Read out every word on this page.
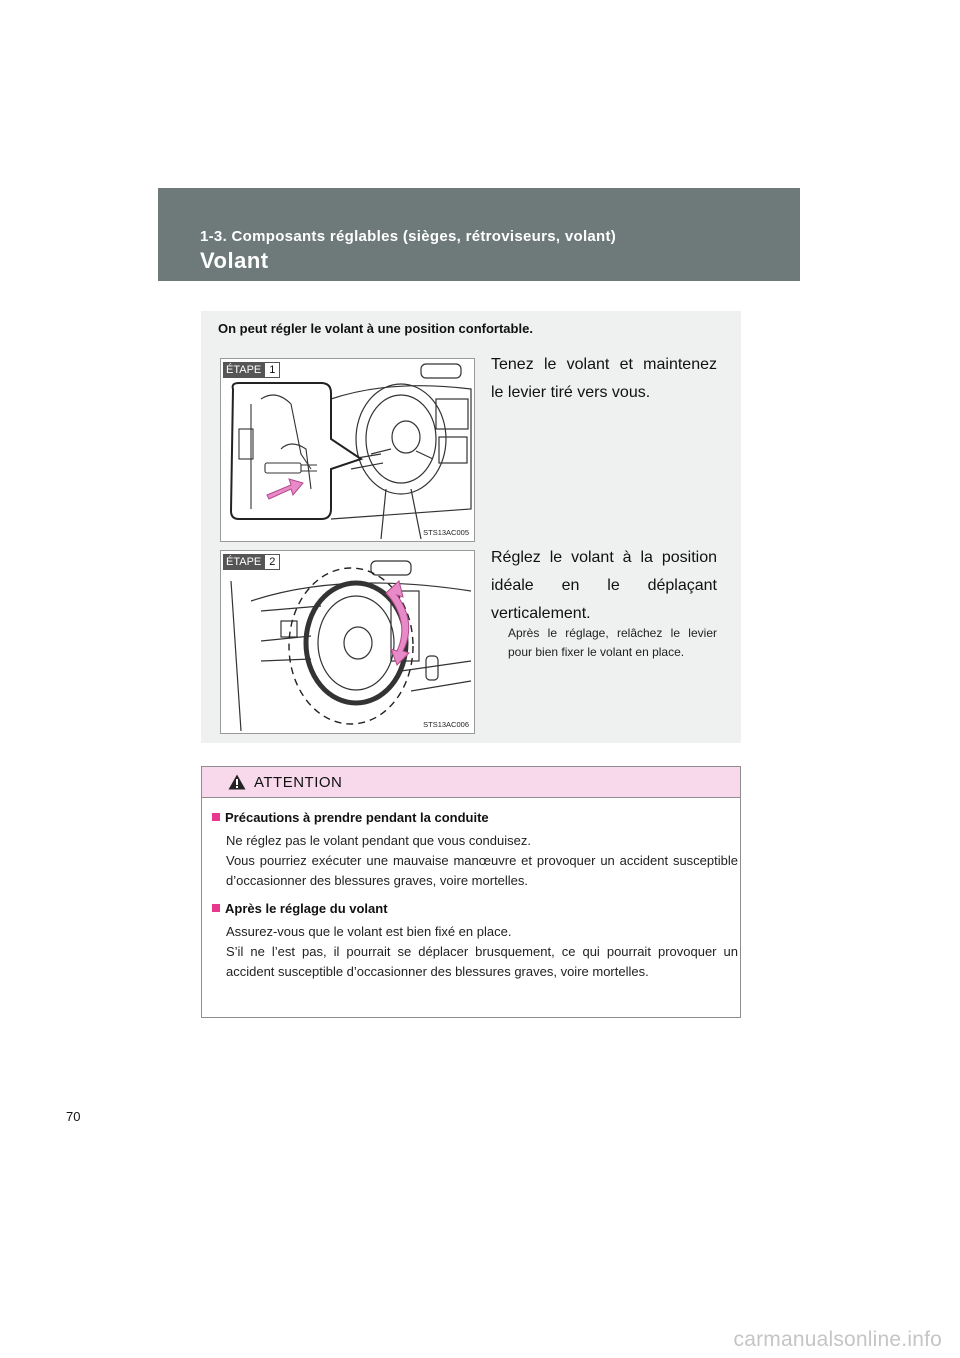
1-3. Composants réglables (sièges, rétroviseurs, volant)
Volant
On peut régler le volant à une position confortable.
ÉTAPE 1
STS13AC005
Tenez le volant et maintenez
le levier tiré vers vous.
ÉTAPE 2
STS13AC006
Réglez le volant à la position
idéale en le déplaçant
verticalement.
Après le réglage, relâchez le levier pour bien fixer le volant en place.
ATTENTION
Précautions à prendre pendant la conduite

Ne réglez pas le volant pendant que vous conduisez.
Vous pourriez exécuter une mauvaise manœuvre et provoquer un accident susceptible d’occasionner des blessures graves, voire mortelles.

Après le réglage du volant

Assurez-vous que le volant est bien fixé en place.
S’il ne l’est pas, il pourrait se déplacer brusquement, ce qui pourrait provoquer un accident susceptible d’occasionner des blessures graves, voire mortelles.

70
carmanualsonline.info
